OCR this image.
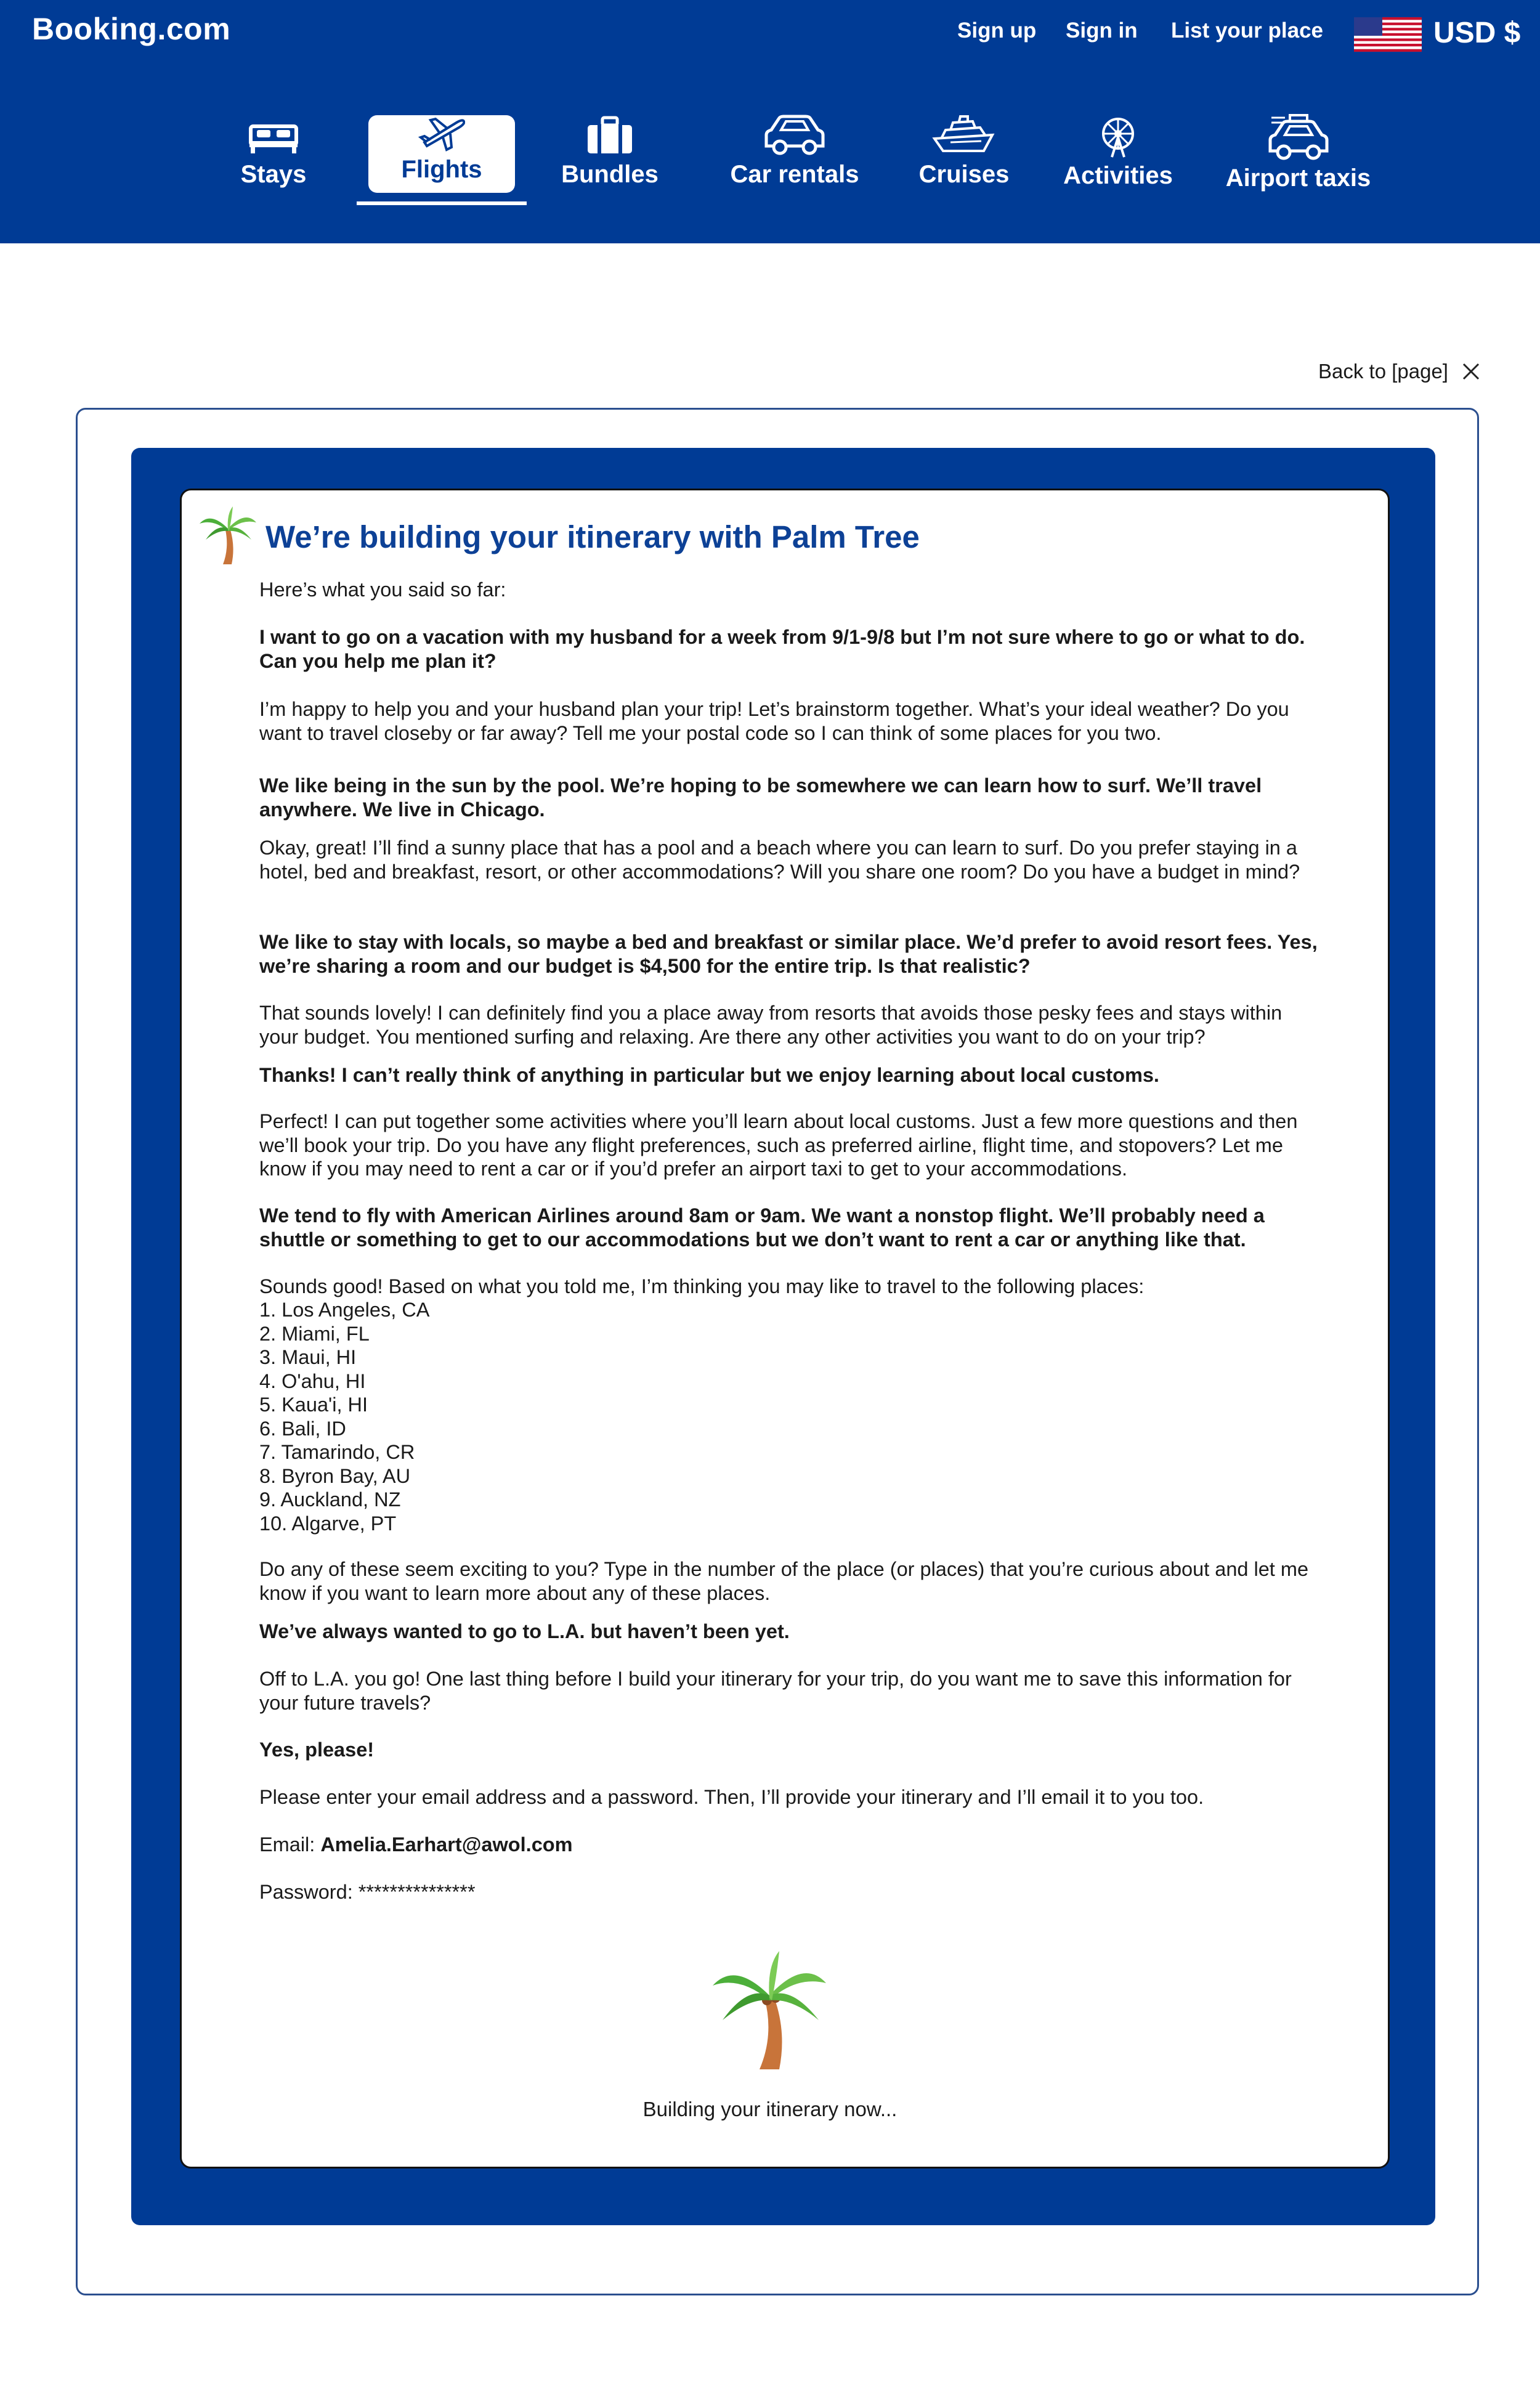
Booking.com	Sign up Sign in List your place	USD $
Stays	Flights	Bundles	Car rentals Cruises Activities Airport taxis
Back to [page]
We’re building your itinerary with Palm Tree

Here’s what you said so far:

I want to go on a vacation with my husband for a week from 9/1-9/8 but I’m not sure where to go or what to do. Can you help me plan it?

I’m happy to help you and your husband plan your trip! Let’s brainstorm together. What’s your ideal weather? Do you want to travel closeby or far away? Tell me your postal code so I can think of some places for you two.

We like being in the sun by the pool. We’re hoping to be somewhere we can learn how to surf. We’ll travel anywhere. We live in Chicago.

Okay, great! I’ll find a sunny place that has a pool and a beach where you can learn to surf. Do you prefer staying in a hotel, bed and breakfast, resort, or other accommodations? Will you share one room? Do you have a budget in mind?

We like to stay with locals, so maybe a bed and breakfast or similar place. We’d prefer to avoid resort fees. Yes, we’re sharing a room and our budget is $4,500 for the entire trip. Is that realistic?

That sounds lovely! I can definitely find you a place away from resorts that avoids those pesky fees and stays within your budget. You mentioned surfing and relaxing. Are there any other activities you want to do on your trip?

Thanks! I can’t really think of anything in particular but we enjoy learning about local customs.

Perfect! I can put together some activities where you’ll learn about local customs. Just a few more questions and then we’ll book your trip. Do you have any flight preferences, such as preferred airline, flight time, and stopovers? Let me know if you may need to rent a car or if you’d prefer an airport taxi to get to your accommodations.

We tend to fly with American Airlines around 8am or 9am. We want a nonstop flight. We’ll probably need a shuttle or something to get to our accommodations but we don’t want to rent a car or anything like that.

Sounds good! Based on what you told me, I’m thinking you may like to travel to the following places:

1. Los Angeles, CA
2. Miami, FL
3. Maui, HI
4. O'ahu, HI
5. Kaua'i, HI
6. Bali, ID
7. Tamarindo, CR
8. Byron Bay, AU
9. Auckland, NZ
10. Algarve, PT

Do any of these seem exciting to you? Type in the number of the place (or places) that you’re curious about and let me know if you want to learn more about any of these places.

We’ve always wanted to go to L.A. but haven’t been yet.

Off to L.A. you go! One last thing before I build your itinerary for your trip, do you want me to save this information for your future travels?

Yes, please!

Please enter your email address and a password. Then, I’ll provide your itinerary and I’ll email it to you too.

Email: Amelia.Earhart@awol.com

Password: ***************

Building your itinerary now...
